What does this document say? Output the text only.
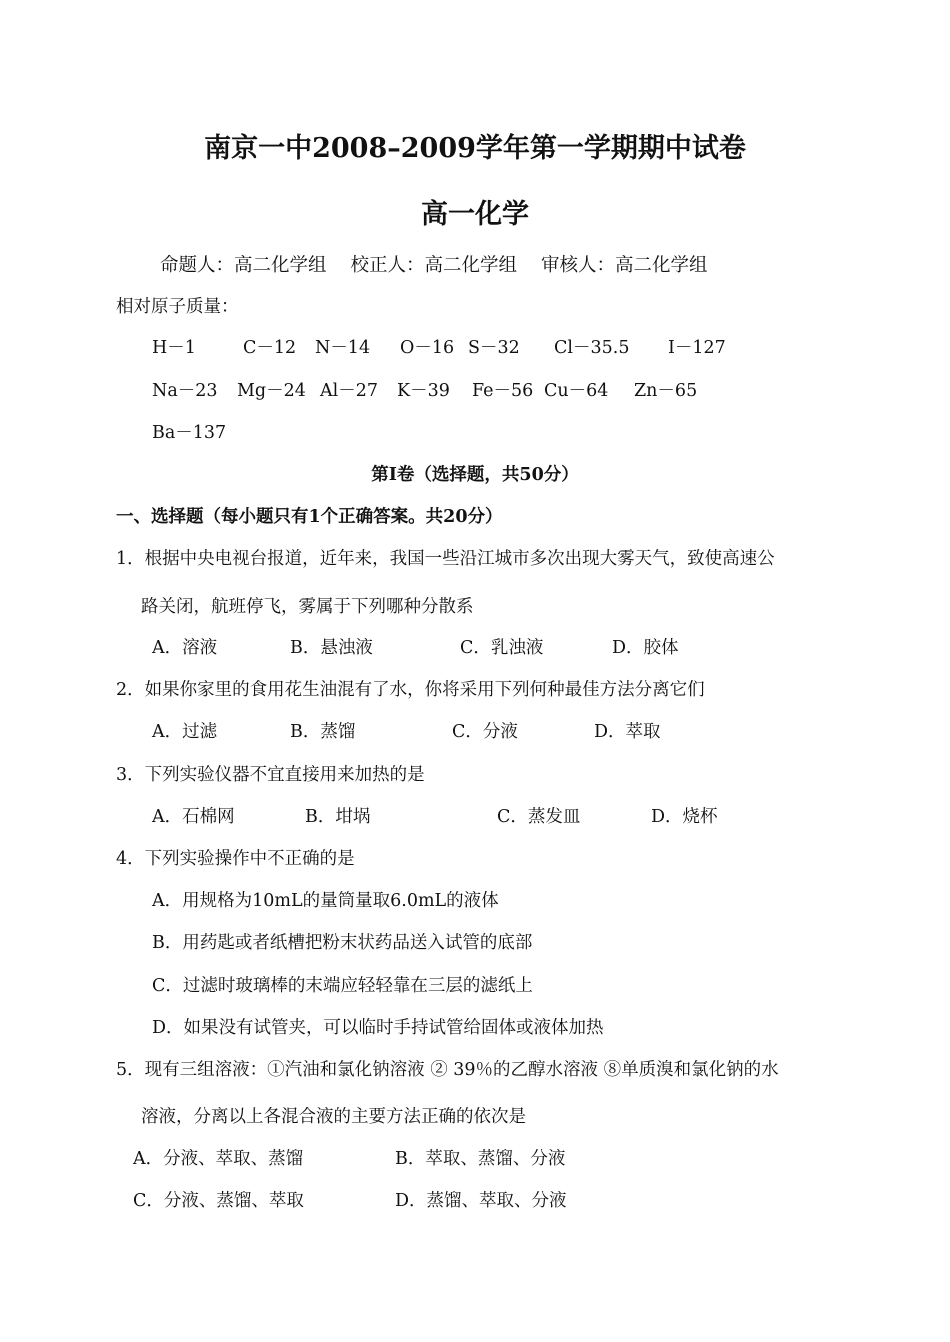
南京一中2008–2009学年第一学期期中试卷
高一化学
命题人：高二化学组 校正人：高二化学组 审核人：高二化学组
相对原子质量：
H－1	C－12 N－14 O－16 S－32 Cl－35.5 I－127
Na－23 Mg－24 Al－27 K－39 Fe－56 Cu－64 Zn－65
Ba－137
第I卷（选择题，共50分）
一、选择题（每小题只有1个正确答案。共20分）
1．根据中央电视台报道，近年来，我国一些沿江城市多次出现大雾天气，致使高速公
路关闭，航班停飞，雾属于下列哪种分散系
A．溶液	B．悬浊液	C．乳浊液	D．胶体
2．如果你家里的食用花生油混有了水，你将采用下列何种最佳方法分离它们
A．过滤	B．蒸馏	C．分液	D．萃取
3．下列实验仪器不宜直接用来加热的是
A．石棉网	B．坩埚	C．蒸发皿	D．烧杯
4．下列实验操作中不正确的是
A．用规格为10mL的量筒量取6.0mL的液体
B．用药匙或者纸槽把粉末状药品送入试管的底部
C．过滤时玻璃棒的末端应轻轻靠在三层的滤纸上
D．如果没有试管夹，可以临时手持试管给固体或液体加热
5．现有三组溶液：①汽油和氯化钠溶液 ② 39％的乙醇水溶液 ⑧单质溴和氯化钠的水
溶液，分离以上各混合液的主要方法正确的依次是
A．分液、萃取、蒸馏	B．萃取、蒸馏、分液
C．分液、蒸馏、萃取	D．蒸馏、萃取、分液
